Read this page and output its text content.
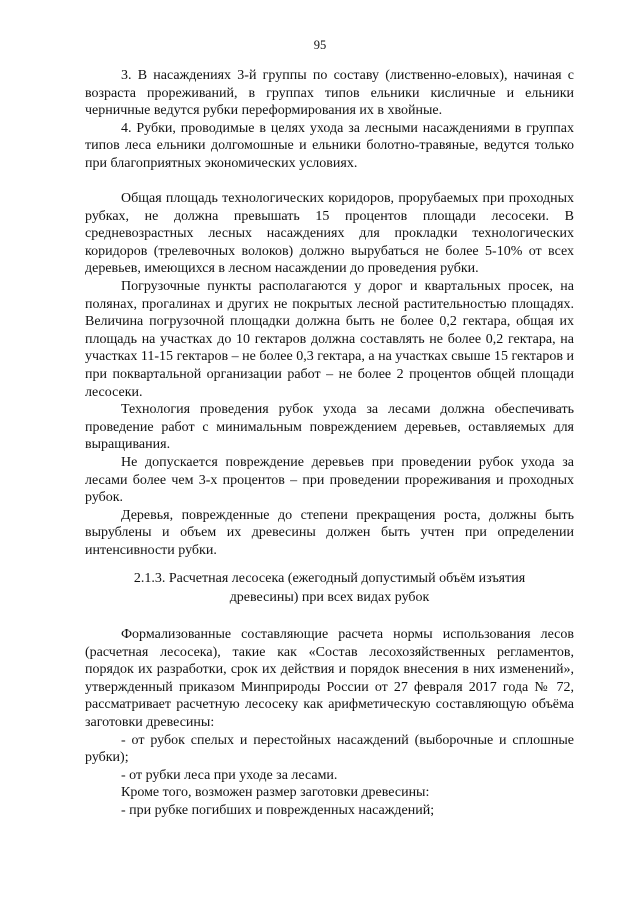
95

3. В насаждениях 3-й группы по составу (лиственно-еловых), начиная с возраста прореживаний, в группах типов ельники кисличные и ельники черничные ведутся рубки переформирования их в хвойные.

4. Рубки, проводимые в целях ухода за лесными насаждениями в группах типов леса ельники долгомошные и ельники болотно-травяные, ведутся только при благоприятных экономических условиях.

Общая площадь технологических коридоров, прорубаемых при проходных рубках, не должна превышать 15 процентов площади лесосеки. В средневозрастных лесных насаждениях для прокладки технологических коридоров (трелевочных волоков) должно вырубаться не более 5-10% от всех деревьев, имеющихся в лесном насаждении до проведения рубки.

Погрузочные пункты располагаются у дорог и квартальных просек, на полянах, прогалинах и других не покрытых лесной растительностью площадях. Величина погрузочной площадки должна быть не более 0,2 гектара, общая их площадь на участках до 10 гектаров должна составлять не более 0,2 гектара, на участках 11-15 гектаров – не более 0,3 гектара, а на участках свыше 15 гектаров и при поквартальной организации работ – не более 2 процентов общей площади лесосеки.

Технология проведения рубок ухода за лесами должна обеспечивать проведение работ с минимальным повреждением деревьев, оставляемых для выращивания.

Не допускается повреждение деревьев при проведении рубок ухода за лесами более чем 3-х процентов – при проведении прореживания и проходных рубок.

Деревья, поврежденные до степени прекращения роста, должны быть вырублены и объем их древесины должен быть учтен при определении интенсивности рубки.

2.1.3. Расчетная лесосека (ежегодный допустимый объём изъятия

древесины) при всех видах рубок

Формализованные составляющие расчета нормы использования лесов (расчетная лесосека), такие как «Состав лесохозяйственных регламентов, порядок их разработки, срок их действия и порядок внесения в них изменений», утвержденный приказом Минприроды России от 27 февраля 2017 года № 72, рассматривает расчетную лесосеку как арифметическую составляющую объёма заготовки древесины:

- от рубок спелых и перестойных насаждений (выборочные и сплошные рубки);

- от рубки леса при уходе за лесами.

Кроме того, возможен размер заготовки древесины:

- при рубке погибших и поврежденных насаждений;
